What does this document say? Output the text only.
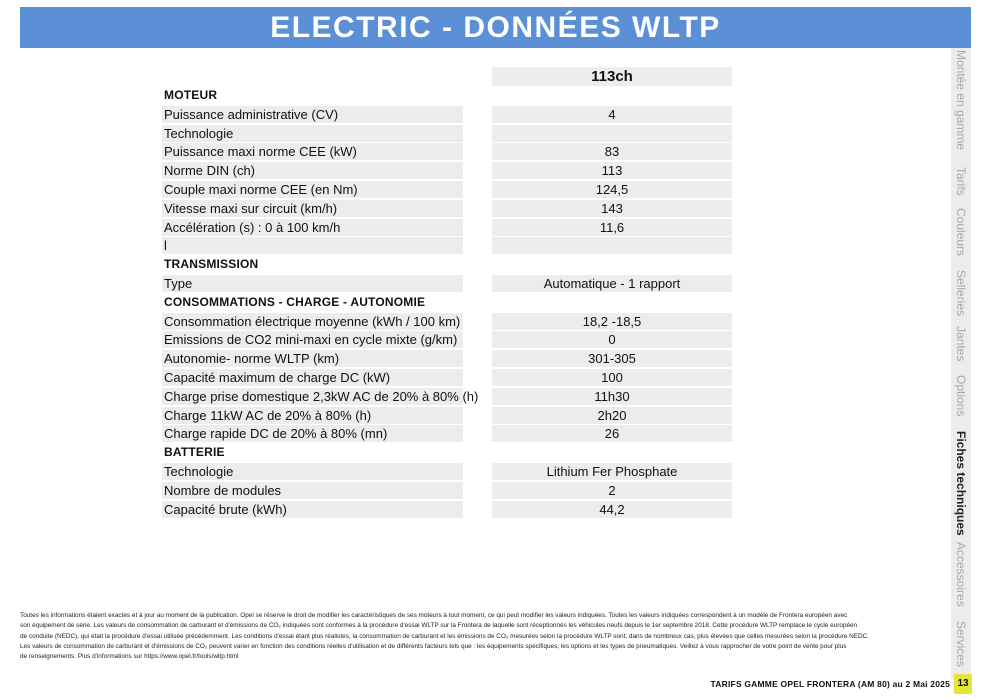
ELECTRIC - DONNÉES WLTP
113ch
MOTEUR
Puissance administrative (CV)	4
Technologie
Puissance maxi norme CEE (kW)	83
Norme DIN (ch)	113
Couple maxi norme CEE (en Nm)	124,5
Vitesse maxi sur circuit (km/h)	143
Accélération (s) : 0 à 100 km/h	11,6
l
TRANSMISSION
Type	Automatique - 1 rapport
CONSOMMATIONS - CHARGE - AUTONOMIE
Consommation électrique moyenne (kWh / 100 km)	18,2 -18,5
Emissions de CO2 mini-maxi en cycle mixte (g/km)	0
Autonomie- norme WLTP (km)	301-305
Capacité maximum de charge DC (kW)	100
Charge prise domestique 2,3kW AC de 20% à 80% (h)	11h30
Charge 11kW AC de 20% à 80% (h)	2h20
Charge rapide DC de 20% à 80% (mn)	26
BATTERIE
Technologie	Lithium Fer Phosphate
Nombre de modules	2
Capacité brute (kWh)	44,2
Montée en gamme
Tarifs
Couleurs
Selleries
Jantes
Options
Fiches techniques
Accessoires
Services
Toutes les informations étaient exactes et à jour au moment de la publication. Opel se réserve le droit de modifier les caractéristiques de ses moteurs à tout moment, ce qui peut modifier les valeurs indiquées. Toutes les valeurs indiquées correspondent à un modèle de Frontera européen avec
son équipement de série. Les valeurs de consommation de carburant et d'émissions de CO₂ indiquées sont conformes à la procédure d'essai WLTP sur la Frontera de laquelle sont réceptionnés les véhicules neufs depuis le 1er septembre 2018. Cette procédure WLTP remplace le cycle européen
de conduite (NEDC), qui était la procédure d'essai utilisée précédemment. Les conditions d'essai étant plus réalistes, la consommation de carburant et les émissions de CO₂ mesurées selon la procédure WLTP sont, dans de nombreux cas, plus élevées que celles mesurées selon la procédure NEDC.
Les valeurs de consommation de carburant et d'émissions de CO₂ peuvent varier en fonction des conditions réelles d'utilisation et de différents facteurs tels que : les équipements spécifiques, les options et les types de pneumatiques. Veillez à vous rapprocher de votre point de vente pour plus
de renseignements. Plus d'informations sur https://www.opel.fr/tools/wltp.html
TARIFS GAMME OPEL FRONTERA (AM 80) au 2 Mai 2025 13
